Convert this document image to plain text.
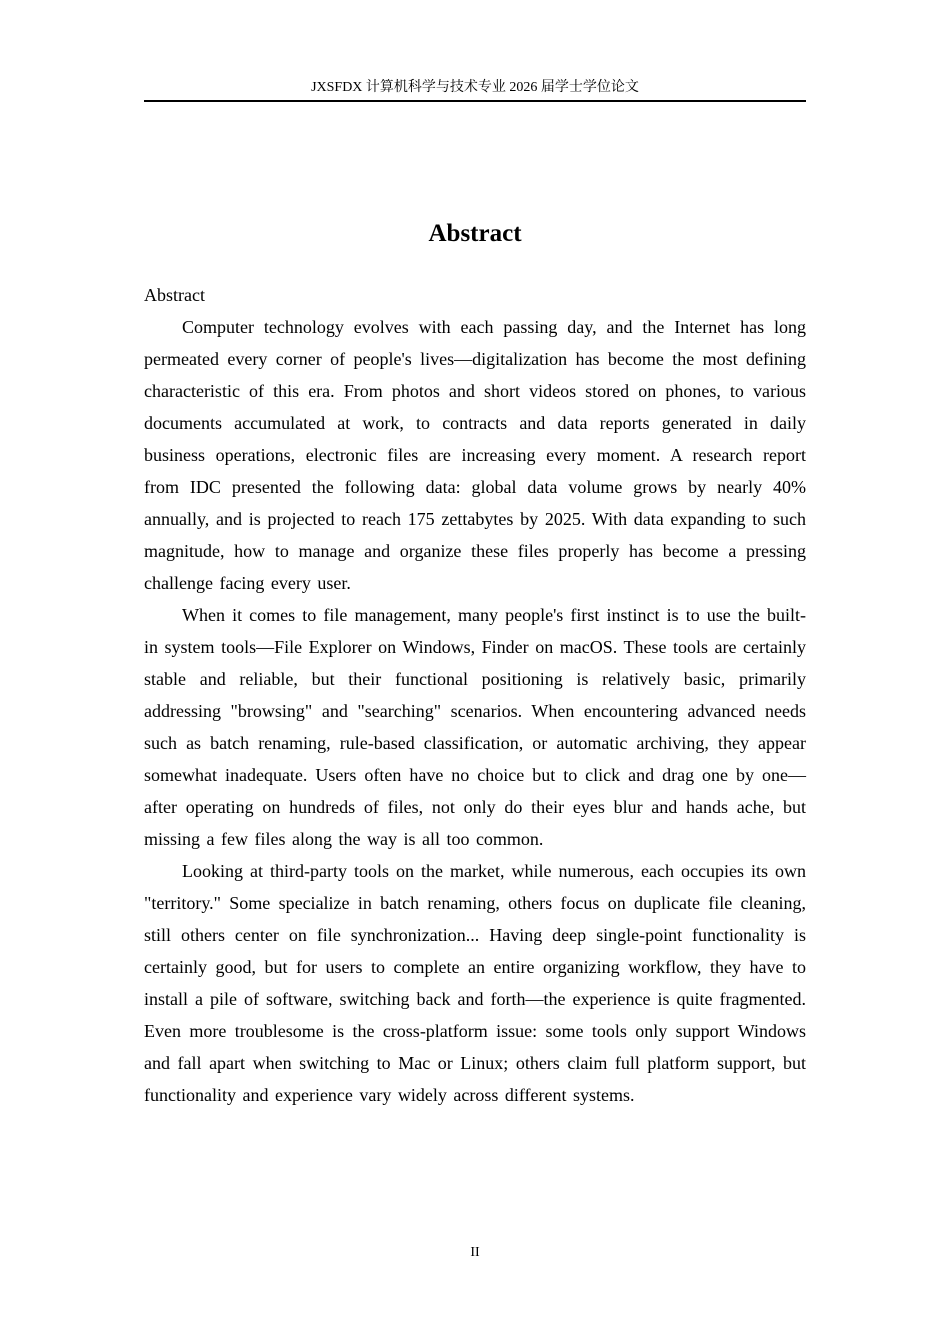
JXSFDX 计算机科学与技术专业 2026 届学士学位论文
Abstract

Abstract

Computer technology evolves with each passing day, and the Internet has long permeated every corner of people's lives—digitalization has become the most defining characteristic of this era. From photos and short videos stored on phones, to various documents accumulated at work, to contracts and data reports generated in daily business operations, electronic files are increasing every moment. A research report from IDC presented the following data: global data volume grows by nearly 40% annually, and is projected to reach 175 zettabytes by 2025. With data expanding to such magnitude, how to manage and organize these files properly has become a pressing challenge facing every user.

When it comes to file management, many people's first instinct is to use the built-in system tools—File Explorer on Windows, Finder on macOS. These tools are certainly stable and reliable, but their functional positioning is relatively basic, primarily addressing "browsing" and "searching" scenarios. When encountering advanced needs such as batch renaming, rule-based classification, or automatic archiving, they appear somewhat inadequate. Users often have no choice but to click and drag one by one—after operating on hundreds of files, not only do their eyes blur and hands ache, but missing a few files along the way is all too common.

Looking at third-party tools on the market, while numerous, each occupies its own "territory." Some specialize in batch renaming, others focus on duplicate file cleaning, still others center on file synchronization... Having deep single-point functionality is certainly good, but for users to complete an entire organizing workflow, they have to install a pile of software, switching back and forth—the experience is quite fragmented. Even more troublesome is the cross-platform issue: some tools only support Windows and fall apart when switching to Mac or Linux; others claim full platform support, but functionality and experience vary widely across different systems.

II
